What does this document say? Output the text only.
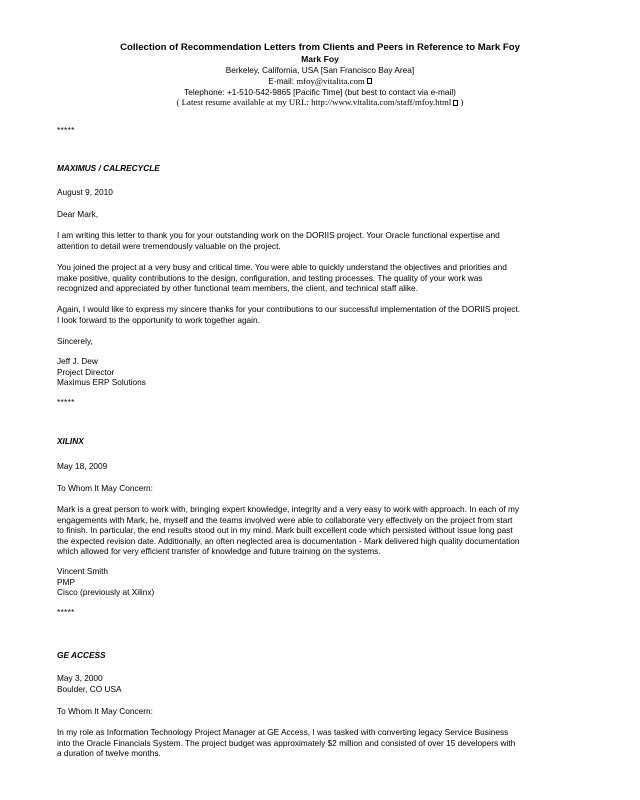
Collection of Recommendation Letters from Clients and Peers in Reference to Mark Foy
Mark Foy
Berkeley, California, USA [San Francisco Bay Area]
E-mail: mfoy@vitalita.com
Telephone: +1-510-542-9865 [Pacific Time] (but best to contact via e-mail)
( Latest resume available at my URL: http://www.vitalita.com/staff/mfoy.html )
*****
MAXIMUS / CALRECYCLE
August 9, 2010
Dear Mark,

I am writing this letter to thank you for your outstanding work on the DORIIS project. Your Oracle functional expertise and

attention to detail were tremendously valuable on the project.

You joined the project at a very busy and critical time. You were able to quickly understand the objectives and priorities and

make positive, quality contributions to the design, configuration, and testing processes. The quality of your work was

recognized and appreciated by other functional team members, the client, and technical staff alike.

Again, I would like to express my sincere thanks for your contributions to our successful implementation of the DORIIS project.

I look forward to the opportunity to work together again.

Sincerely,

Jeff J. Dew

Project Director

Maximus ERP Solutions

*****
XILINX
May 18, 2009
To Whom It May Concern:

Mark is a great person to work with, bringing expert knowledge, integrity and a very easy to work with approach. In each of my

engagements with Mark, he, myself and the teams involved were able to collaborate very effectively on the project from start

to finish. In particular, the end results stood out in my mind. Mark built excellent code which persisted without issue long past

the expected revision date. Additionally, an often neglected area is documentation - Mark delivered high quality documentation

which allowed for very efficient transfer of knowledge and future training on the systems.

Vincent Smith

PMP

Cisco (previously at Xilinx)

*****
GE ACCESS

May 3, 2000

Boulder, CO USA

To Whom It May Concern:

In my role as Information Technology Project Manager at GE Access, I was tasked with converting legacy Service Business

into the Oracle Financials System. The project budget was approximately $2 million and consisted of over 15 developers with

a duration of twelve months.
